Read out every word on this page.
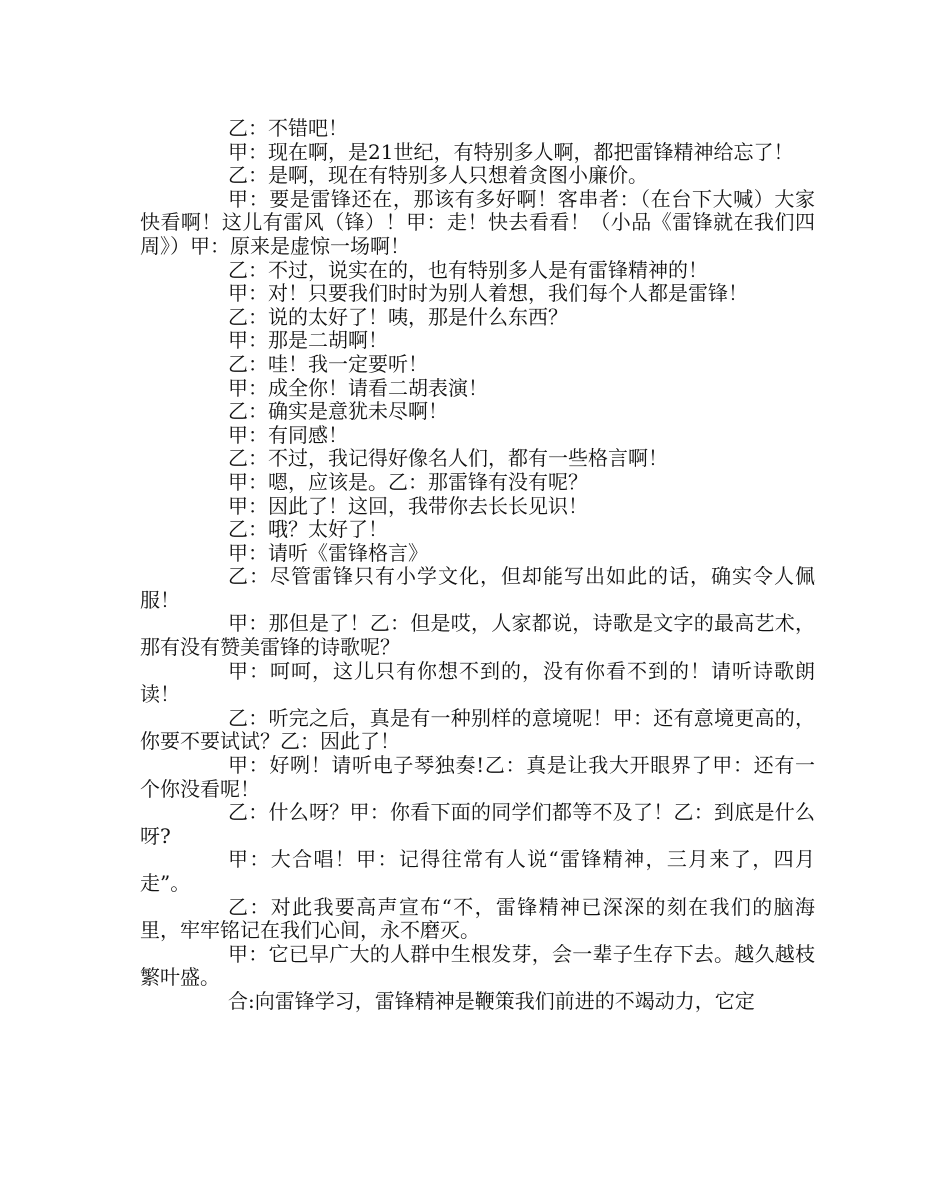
乙：不错吧！

甲：现在啊，是21世纪，有特别多人啊，都把雷锋精神给忘了！

乙：是啊，现在有特别多人只想着贪图小廉价。

甲：要是雷锋还在，那该有多好啊！客串者：（在台下大喊）大家快看啊！这儿有雷风（锋）！甲：走！快去看看！（小品《雷锋就在我们四周》）甲：原来是虚惊一场啊！

乙：不过，说实在的，也有特别多人是有雷锋精神的！

甲：对！只要我们时时为别人着想，我们每个人都是雷锋！

乙：说的太好了！咦，那是什么东西？

甲：那是二胡啊！

乙：哇！我一定要听！

甲：成全你！请看二胡表演！

乙：确实是意犹未尽啊！

甲：有同感！

乙：不过，我记得好像名人们，都有一些格言啊！

甲：嗯，应该是。乙：那雷锋有没有呢？

甲：因此了！这回，我带你去长长见识！

乙：哦？太好了！

甲：请听《雷锋格言》

乙：尽管雷锋只有小学文化，但却能写出如此的话，确实令人佩服！

甲：那但是了！乙：但是哎，人家都说，诗歌是文字的最高艺术，那有没有赞美雷锋的诗歌呢？

甲：呵呵，这儿只有你想不到的，没有你看不到的！请听诗歌朗读！

乙：听完之后，真是有一种别样的意境呢！甲：还有意境更高的，你要不要试试？乙：因此了！

甲：好咧！请听电子琴独奏!乙：真是让我大开眼界了甲：还有一个你没看呢！

乙：什么呀？甲：你看下面的同学们都等不及了！乙：到底是什么呀?

甲：大合唱！甲：记得往常有人说“雷锋精神，三月来了，四月走”。

乙：对此我要高声宣布“不，雷锋精神已深深的刻在我们的脑海里，牢牢铭记在我们心间，永不磨灭。

甲：它已早广大的人群中生根发芽，会一辈子生存下去。越久越枝繁叶盛。

合:向雷锋学习，雷锋精神是鞭策我们前进的不竭动力，它定
